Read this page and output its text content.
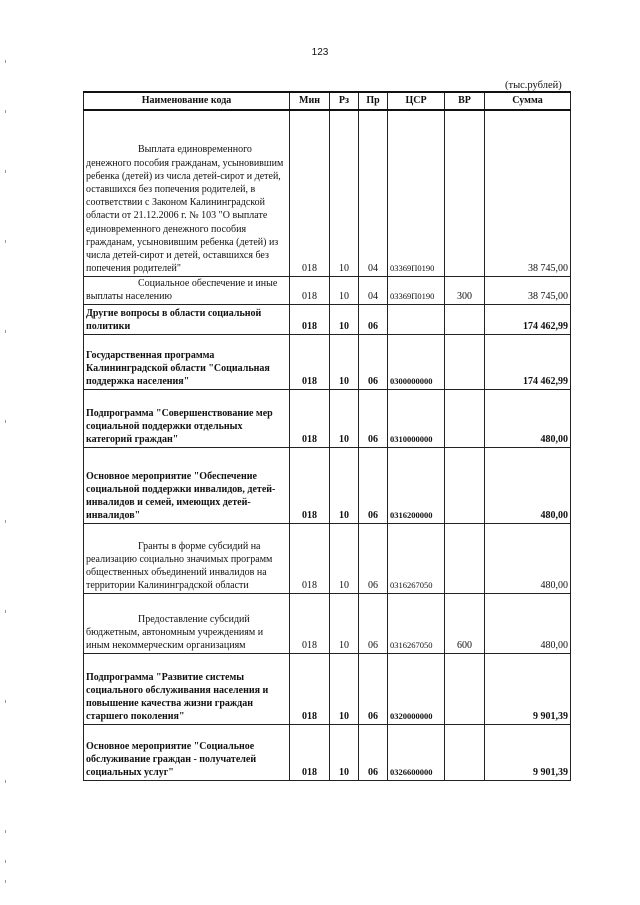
123
(тыс.рублей)
Наименование кода	Мин	Рз	Пр	ЦСР	ВР	Сумма

Выплата единовременного денежного пособия гражданам, усыновившим ребенка (детей) из числа детей-сирот и детей, оставшихся без попечения родителей, в соответствии с Законом Калининградской области от 21.12.2006 г. № 103 "О выплате единовременного денежного пособия гражданам, усыновившим ребенка (детей) из числа детей-сирот и детей, оставшихся без попечения родителей"	018	10	04	03369П0190		38 745,00

Социальное обеспечение и иные выплаты населению	018	10	04	03369П0190	300	38 745,00

Другие вопросы в области социальной политики	018	10	06			174 462,99

Государственная программа Калининградской области "Социальная поддержка населения"	018	10	06	0300000000		174 462,99

Подпрограмма "Совершенствование мер социальной поддержки отдельных категорий граждан"	018	10	06	0310000000		480,00

Основное мероприятие "Обеспечение социальной поддержки инвалидов, детей-инвалидов и семей, имеющих детей-инвалидов"	018	10	06	0316200000		480,00

Гранты в форме субсидий на реализацию социально значимых программ общественных объединений инвалидов на территории Калининградской области	018	10	06	0316267050		480,00

Предоставление субсидий бюджетным, автономным учреждениям и иным некоммерческим организациям	018	10	06	0316267050	600	480,00

Подпрограмма "Развитие системы социального обслуживания населения и повышение качества жизни граждан старшего поколения"	018	10	06	0320000000		9 901,39

Основное мероприятие "Социальное обслуживание граждан - получателей социальных услуг"	018	10	06	0326600000		9 901,39
